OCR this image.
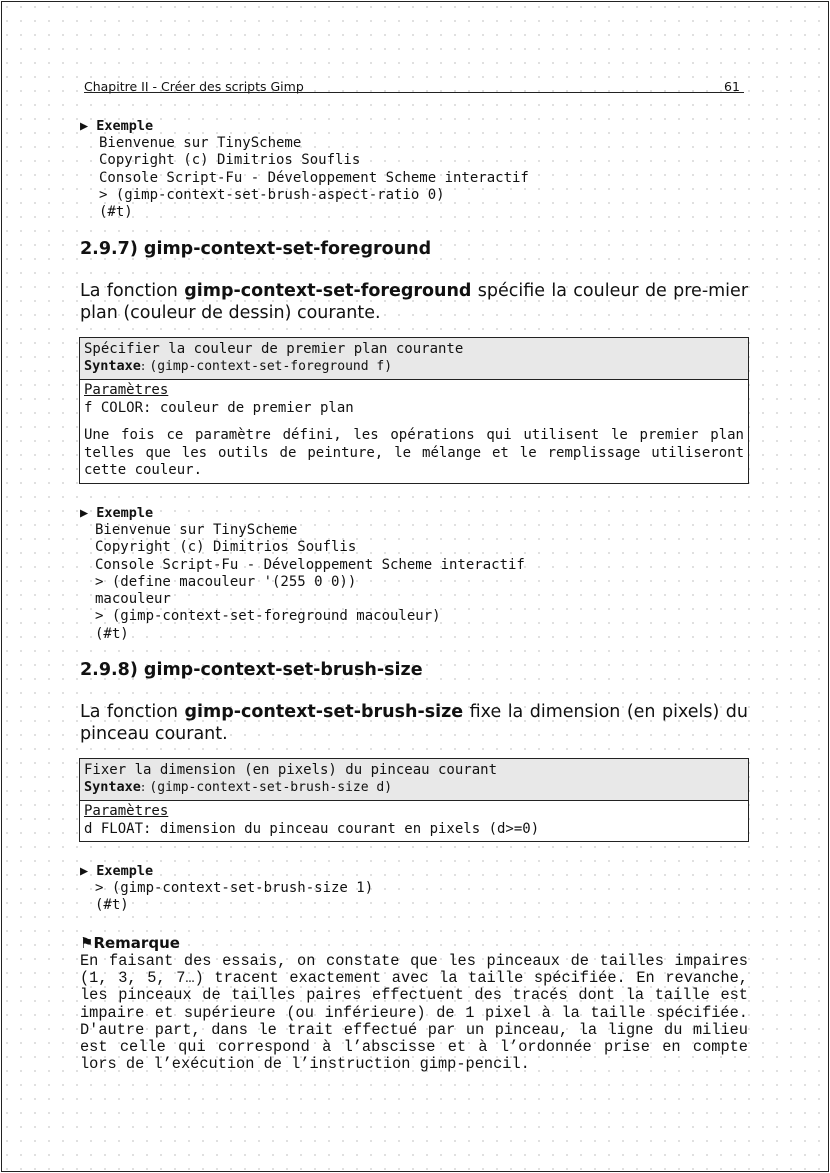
Chapitre II - Créer des scripts Gimp	61
▶ Exemple
Bienvenue sur TinyScheme
Copyright (c) Dimitrios Souflis
Console Script-Fu - Développement Scheme interactif
> (gimp-context-set-brush-aspect-ratio 0)
(#t)
2.9.7) gimp-context-set-foreground
La fonction gimp-context-set-foreground spécifie la couleur de pre-mier plan (couleur de dessin) courante.
Spécifier la couleur de premier plan courante
Syntaxe: (gimp-context-set-foreground f)
Paramètres
f COLOR: couleur de premier plan
Une fois ce paramètre défini, les opérations qui utilisent le premier plan telles que les outils de peinture, le mélange et le remplissage utiliseront cette couleur.
▶ Exemple
Bienvenue sur TinyScheme
Copyright (c) Dimitrios Souflis
Console Script-Fu - Développement Scheme interactif
> (define macouleur '(255 0 0))
macouleur
> (gimp-context-set-foreground macouleur)
(#t)
2.9.8) gimp-context-set-brush-size
La fonction gimp-context-set-brush-size fixe la dimension (en pixels) du pinceau courant.
Fixer la dimension (en pixels) du pinceau courant
Syntaxe: (gimp-context-set-brush-size d)
Paramètres
d FLOAT: dimension du pinceau courant en pixels (d>=0)
▶ Exemple
> (gimp-context-set-brush-size 1)
(#t)
⚑Remarque
En faisant des essais, on constate que les pinceaux de tailles impaires (1, 3, 5, 7…) tracent exactement avec la taille spécifiée. En revanche, les pinceaux de tailles paires effectuent des tracés dont la taille est impaire et supérieure (ou inférieure) de 1 pixel à la taille spécifiée. D'autre part, dans le trait effectué par un pinceau, la ligne du milieu est celle qui correspond à l’abscisse et à l’ordonnée prise en compte lors de l’exécution de l’instruction gimp-pencil.
